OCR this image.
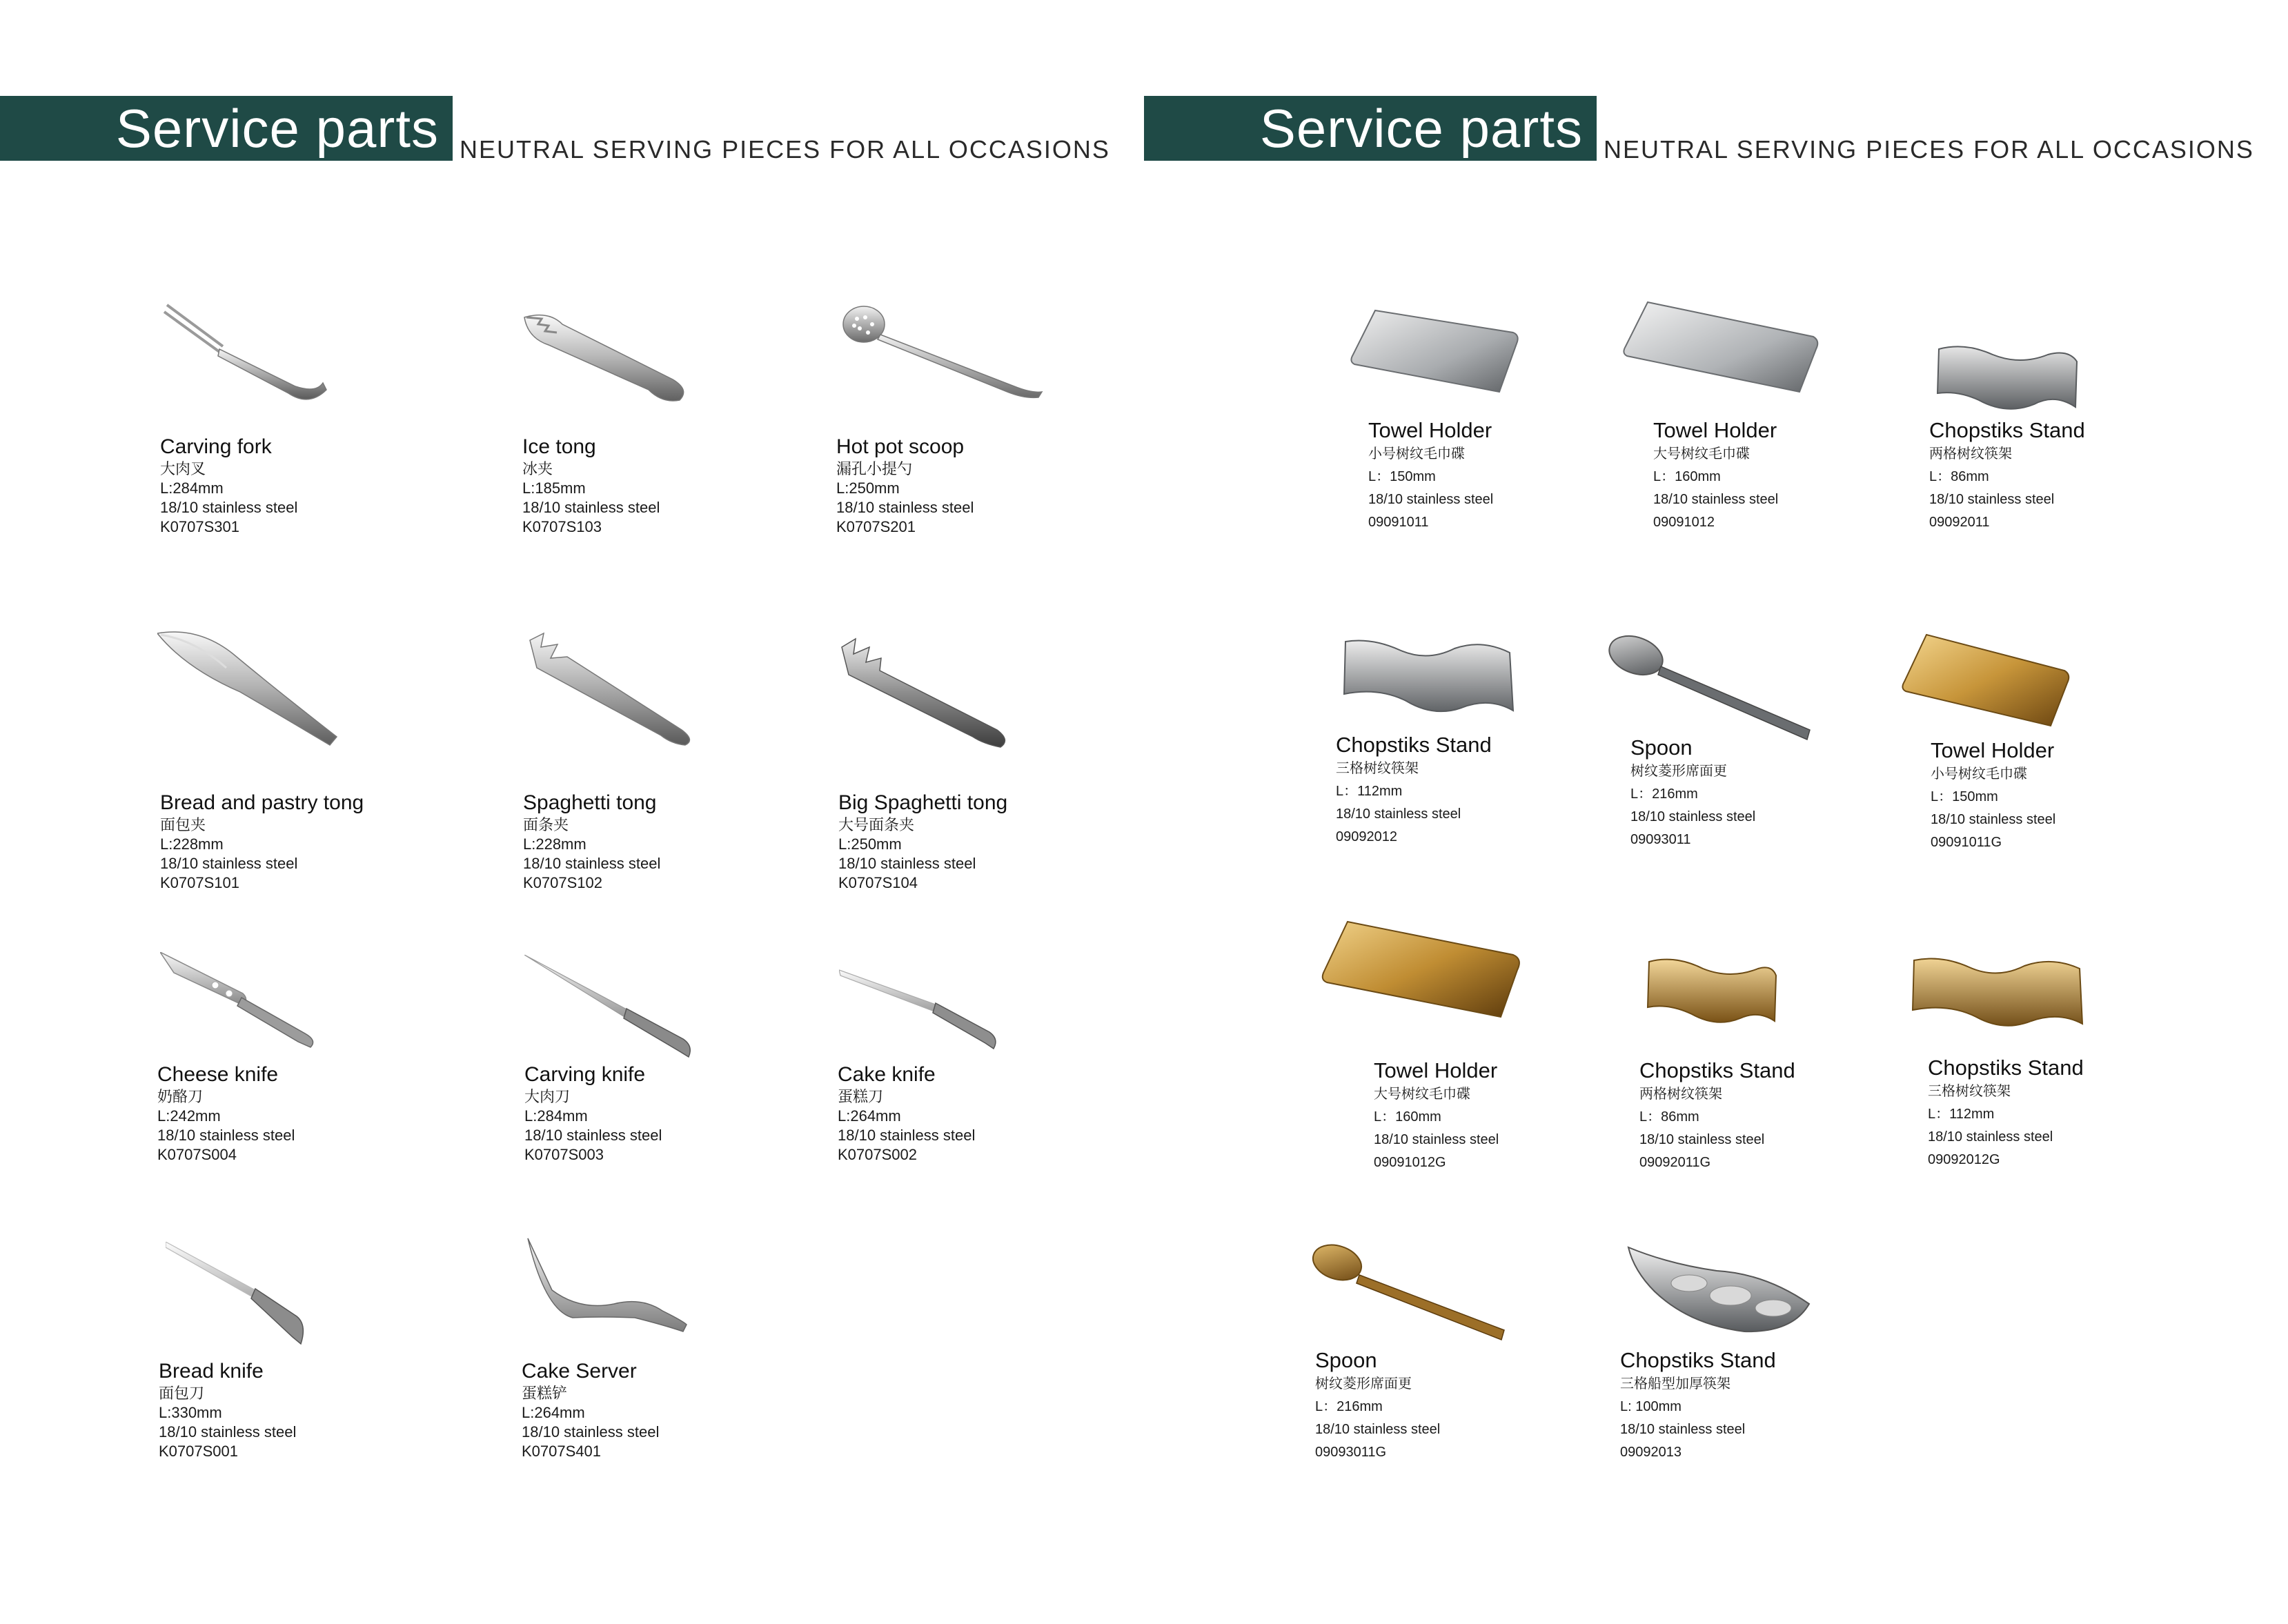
Service parts NEUTRAL SERVING PIECES FOR ALL OCCASIONS
Carving fork
大肉叉
L:284mm
18/10 stainless steel
K0707S301
Ice tong
冰夹
L:185mm
18/10 stainless steel
K0707S103
Hot pot scoop
漏孔小提勺
L:250mm
18/10 stainless steel
K0707S201
Bread and pastry tong
面包夹
L:228mm
18/10 stainless steel
K0707S101
Spaghetti tong
面条夹
L:228mm
18/10 stainless steel
K0707S102
Big Spaghetti tong
大号面条夹
L:250mm
18/10 stainless steel
K0707S104
Cheese knife
奶酪刀
L:242mm
18/10 stainless steel
K0707S004
Carving knife
大肉刀
L:284mm
18/10 stainless steel
K0707S003
Cake knife
蛋糕刀
L:264mm
18/10 stainless steel
K0707S002
Bread knife
面包刀
L:330mm
18/10 stainless steel
K0707S001
Cake Server
蛋糕铲
L:264mm
18/10 stainless steel
K0707S401
Service parts NEUTRAL SERVING PIECES FOR ALL OCCASIONS
Towel Holder
小号树纹毛巾碟
L：150mm
18/10 stainless steel
09091011
Towel Holder
大号树纹毛巾碟
L：160mm
18/10 stainless steel
09091012
Chopstiks Stand
两格树纹筷架
L：86mm
18/10 stainless steel
09092011
Chopstiks Stand
三格树纹筷架
L：112mm
18/10 stainless steel
09092012
Spoon
树纹菱形席面更
L：216mm
18/10 stainless steel
09093011
Towel Holder
小号树纹毛巾碟
L：150mm
18/10 stainless steel
09091011G
Towel Holder
大号树纹毛巾碟
L：160mm
18/10 stainless steel
09091012G
Chopstiks Stand
两格树纹筷架
L：86mm
18/10 stainless steel
09092011G
Chopstiks Stand
三格树纹筷架
L：112mm
18/10 stainless steel
09092012G
Spoon
树纹菱形席面更
L：216mm
18/10 stainless steel
09093011G
Chopstiks Stand
三格船型加厚筷架
L: 100mm
18/10 stainless steel
09092013
